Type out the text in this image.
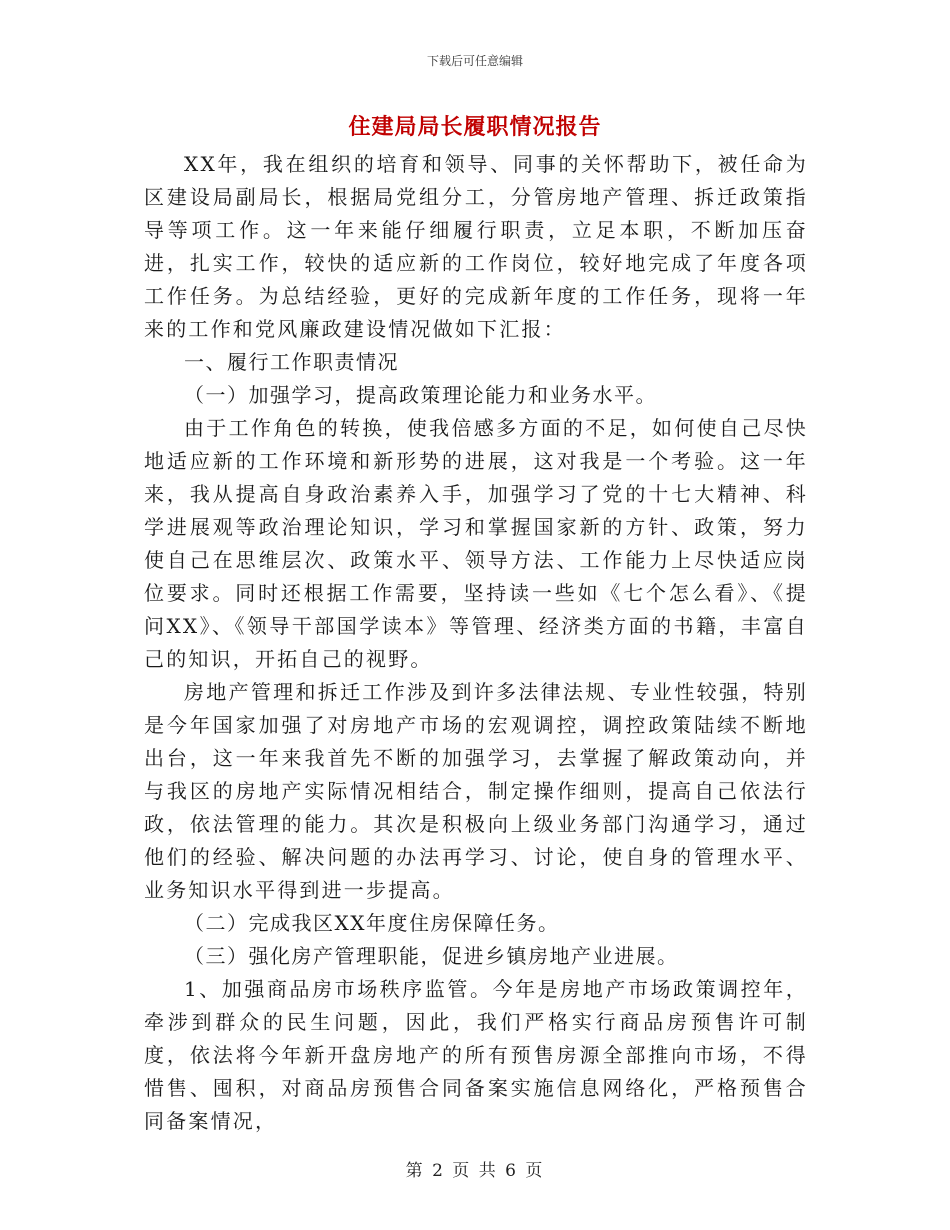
下载后可任意编辑
住建局局长履职情况报告

XX年，我在组织的培育和领导、同事的关怀帮助下，被任命为区建设局副局长，根据局党组分工，分管房地产管理、拆迁政策指导等项工作。这一年来能仔细履行职责，立足本职，不断加压奋进，扎实工作，较快的适应新的工作岗位，较好地完成了年度各项工作任务。为总结经验，更好的完成新年度的工作任务，现将一年来的工作和党风廉政建设情况做如下汇报：

一、履行工作职责情况

（一）加强学习，提高政策理论能力和业务水平。

由于工作角色的转换，使我倍感多方面的不足，如何使自己尽快地适应新的工作环境和新形势的进展，这对我是一个考验。这一年来，我从提高自身政治素养入手，加强学习了党的十七大精神、科学进展观等政治理论知识，学习和掌握国家新的方针、政策，努力使自己在思维层次、政策水平、领导方法、工作能力上尽快适应岗位要求。同时还根据工作需要，坚持读一些如《七个怎么看》、《提问XX》、《领导干部国学读本》等管理、经济类方面的书籍，丰富自己的知识，开拓自己的视野。

房地产管理和拆迁工作涉及到许多法律法规、专业性较强，特别是今年国家加强了对房地产市场的宏观调控，调控政策陆续不断地出台，这一年来我首先不断的加强学习，去掌握了解政策动向，并与我区的房地产实际情况相结合，制定操作细则，提高自己依法行政，依法管理的能力。其次是积极向上级业务部门沟通学习，通过他们的经验、解决问题的办法再学习、讨论，使自身的管理水平、业务知识水平得到进一步提高。

（二）完成我区XX年度住房保障任务。

（三）强化房产管理职能，促进乡镇房地产业进展。

1、加强商品房市场秩序监管。今年是房地产市场政策调控年，牵涉到群众的民生问题，因此，我们严格实行商品房预售许可制度，依法将今年新开盘房地产的所有预售房源全部推向市场，不得惜售、囤积，对商品房预售合同备案实施信息网络化，严格预售合同备案情况，

第 2 页 共 6 页
